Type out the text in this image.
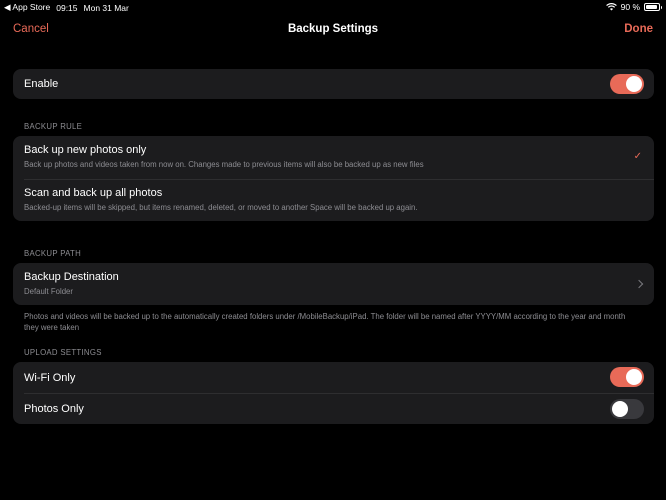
◀ App Store 09:15 Mon 31 Mar	90 %
Cancel	Backup Settings	Done
Enable
BACKUP RULE
Back up new photos only
Back up photos and videos taken from now on. Changes made to previous items will also be backed up as new files
✓
Scan and back up all photos
Backed-up items will be skipped, but items renamed, deleted, or moved to another Space will be backed up again.
BACKUP PATH
Backup Destination
Default Folder
Photos and videos will be backed up to the automatically created folders under /MobileBackup/iPad. The folder will be named after YYYY/MM according to the year and month they were taken
UPLOAD SETTINGS
Wi-Fi Only
Photos Only
